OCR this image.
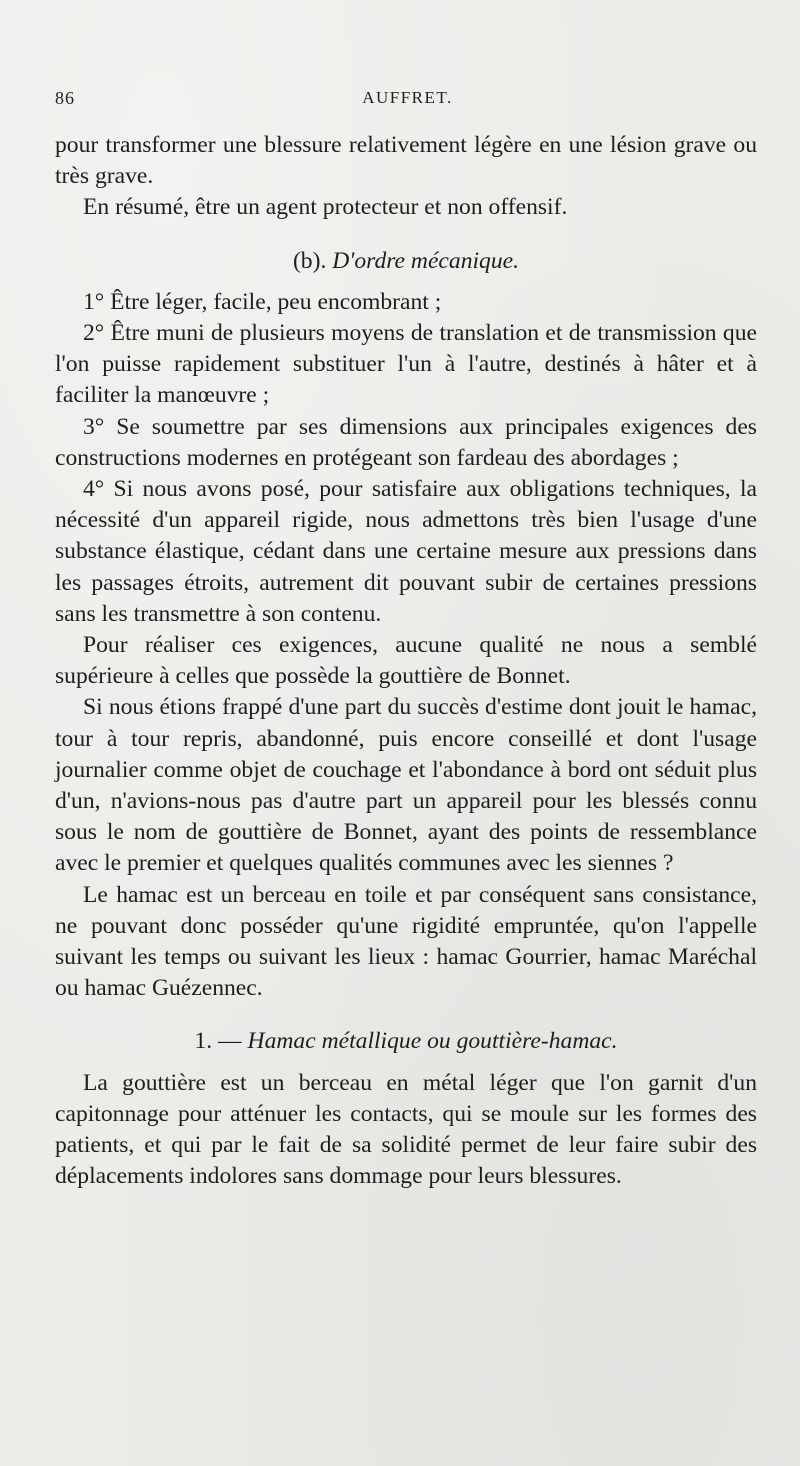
86	AUFFRET.

pour transformer une blessure relativement légère en une lésion grave ou très grave.

En résumé, être un agent protecteur et non offensif.

(b). D'ordre mécanique.

1° Être léger, facile, peu encombrant ;

2° Être muni de plusieurs moyens de translation et de transmission que l'on puisse rapidement substituer l'un à l'autre, destinés à hâter et à faciliter la manœuvre ;

3° Se soumettre par ses dimensions aux principales exigences des constructions modernes en protégeant son fardeau des abordages ;

4° Si nous avons posé, pour satisfaire aux obligations techniques, la nécessité d'un appareil rigide, nous admettons très bien l'usage d'une substance élastique, cédant dans une certaine mesure aux pressions dans les passages étroits, autrement dit pouvant subir de certaines pressions sans les transmettre à son contenu.

Pour réaliser ces exigences, aucune qualité ne nous a semblé supérieure à celles que possède la gouttière de Bonnet.

Si nous étions frappé d'une part du succès d'estime dont jouit le hamac, tour à tour repris, abandonné, puis encore conseillé et dont l'usage journalier comme objet de couchage et l'abondance à bord ont séduit plus d'un, n'avions-nous pas d'autre part un appareil pour les blessés connu sous le nom de gouttière de Bonnet, ayant des points de ressemblance avec le premier et quelques qualités communes avec les siennes ?

Le hamac est un berceau en toile et par conséquent sans consistance, ne pouvant donc posséder qu'une rigidité empruntée, qu'on l'appelle suivant les temps ou suivant les lieux : hamac Gourrier, hamac Maréchal ou hamac Guézennec.

1. — Hamac métallique ou gouttière-hamac.

La gouttière est un berceau en métal léger que l'on garnit d'un capitonnage pour atténuer les contacts, qui se moule sur les formes des patients, et qui par le fait de sa solidité permet de leur faire subir des déplacements indolores sans dommage pour leurs blessures.
